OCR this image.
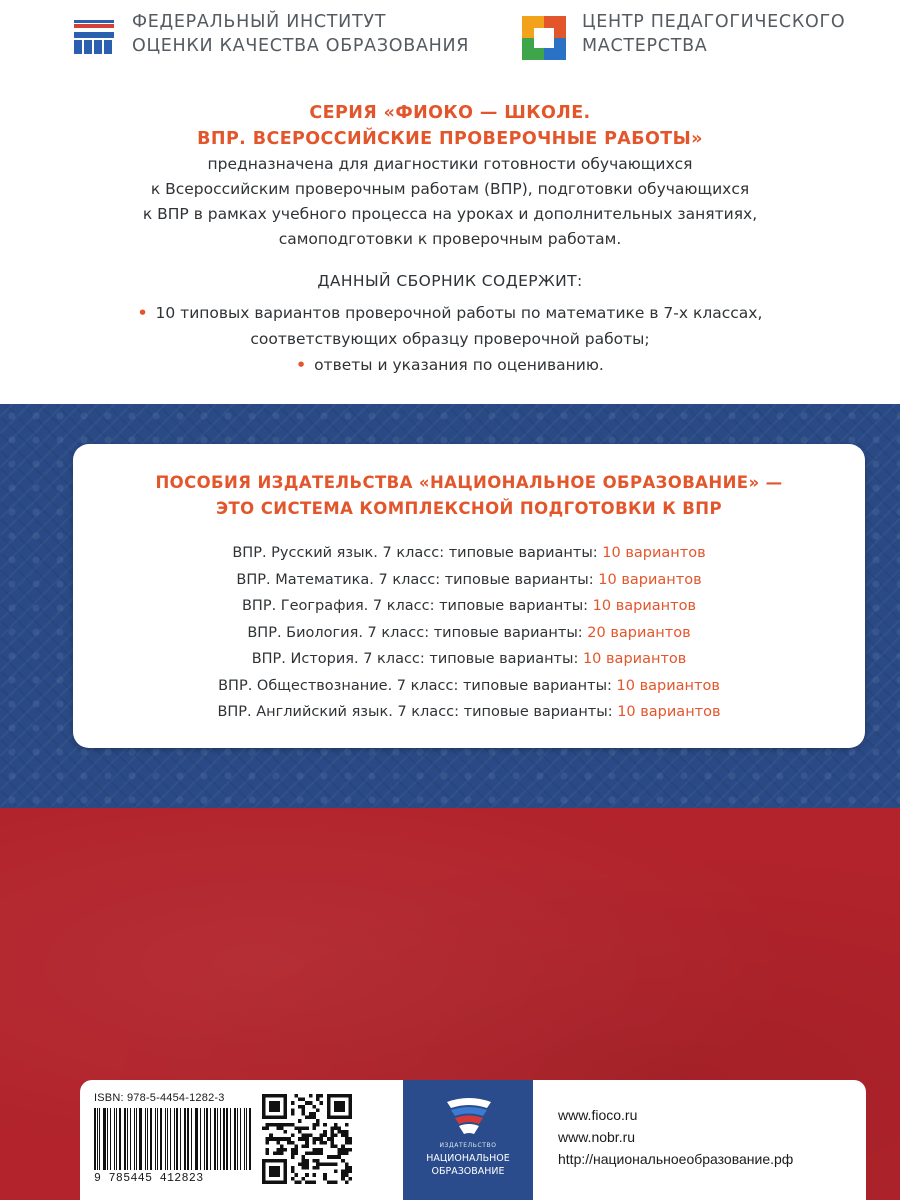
ФЕДЕРАЛЬНЫЙ ИНСТИТУТ
ОЦЕНКИ КАЧЕСТВА ОБРАЗОВАНИЯ
ЦЕНТР ПЕДАГОГИЧЕСКОГО
МАСТЕРСТВА
СЕРИЯ «ФИОКО — ШКОЛЕ.
ВПР. ВСЕРОССИЙСКИЕ ПРОВЕРОЧНЫЕ РАБОТЫ»
предназначена для диагностики готовности обучающихся
к Всероссийским проверочным работам (ВПР), подготовки обучающихся
к ВПР в рамках учебного процесса на уроках и дополнительных занятиях,
самоподготовки к проверочным работам.
ДАННЫЙ СБОРНИК СОДЕРЖИТ:
• 10 типовых вариантов проверочной работы по математике в 7-х классах,
соответствующих образцу проверочной работы;
• ответы и указания по оцениванию.
ПОСОБИЯ ИЗДАТЕЛЬСТВА «НАЦИОНАЛЬНОЕ ОБРАЗОВАНИЕ» —
ЭТО СИСТЕМА КОМПЛЕКСНОЙ ПОДГОТОВКИ К ВПР
ВПР. Русский язык. 7 класс: типовые варианты: 10 вариантов
ВПР. Математика. 7 класс: типовые варианты: 10 вариантов
ВПР. География. 7 класс: типовые варианты: 10 вариантов
ВПР. Биология. 7 класс: типовые варианты: 20 вариантов
ВПР. История. 7 класс: типовые варианты: 10 вариантов
ВПР. Обществознание. 7 класс: типовые варианты: 10 вариантов
ВПР. Английский язык. 7 класс: типовые варианты: 10 вариантов
ISBN: 978-5-4454-1282-3
9 785445 412823
ИЗДАТЕЛЬСТВО
НАЦИОНАЛЬНОЕ
ОБРАЗОВАНИЕ
www.fioco.ru
www.nobr.ru
http://национальноеобразование.рф
